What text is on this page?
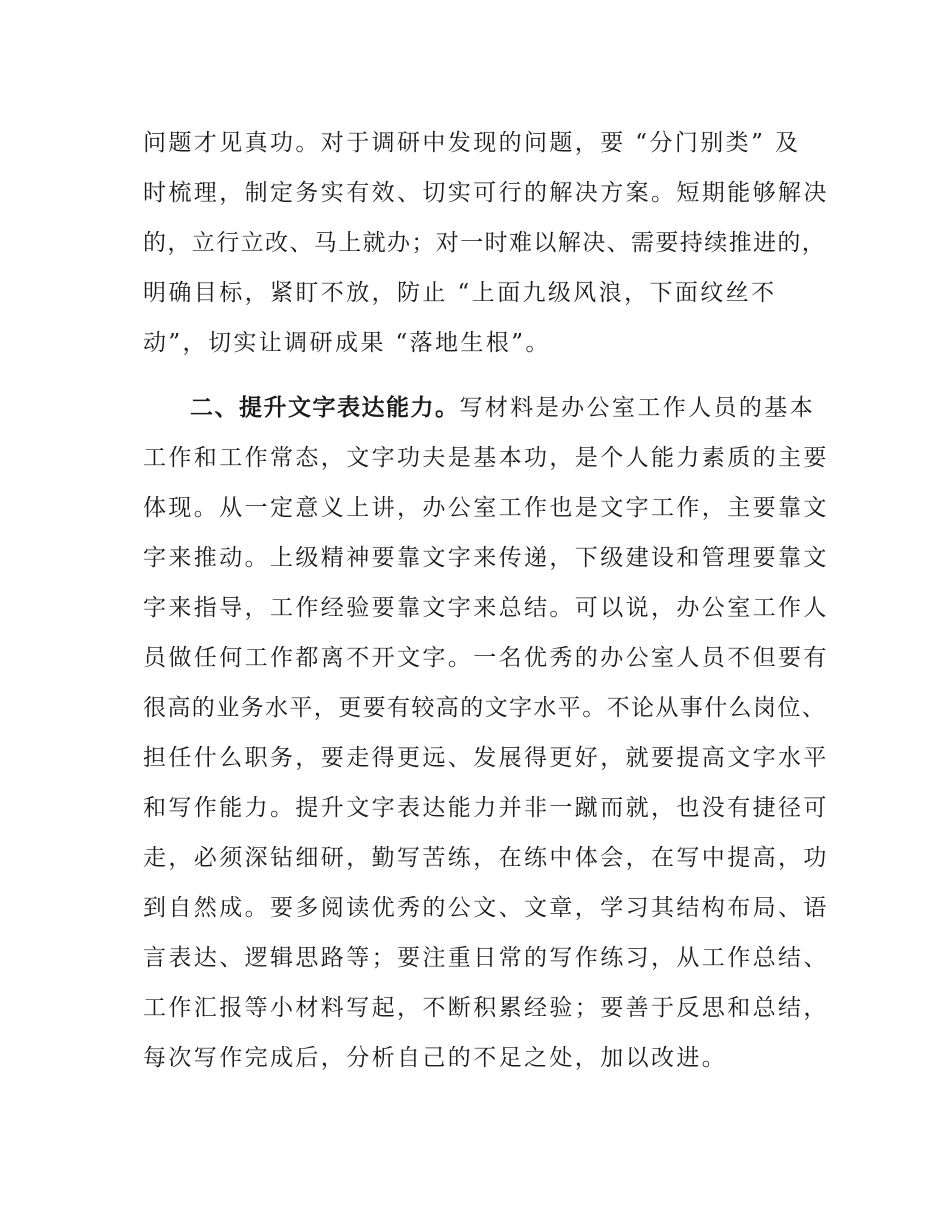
问题才见真功。对于调研中发现的问题，要 “分门别类” 及
时梳理，制定务实有效、切实可行的解决方案。短期能够解决
的，立行立改、马上就办；对一时难以解决、需要持续推进的，
明确目标，紧盯不放，防止 “上面九级风浪，下面纹丝不
动”，切实让调研成果 “落地生根”。
二、提升文字表达能力。写材料是办公室工作人员的基本
工作和工作常态，文字功夫是基本功，是个人能力素质的主要
体现。从一定意义上讲，办公室工作也是文字工作，主要靠文
字来推动。上级精神要靠文字来传递，下级建设和管理要靠文
字来指导，工作经验要靠文字来总结。可以说，办公室工作人
员做任何工作都离不开文字。一名优秀的办公室人员不但要有
很高的业务水平，更要有较高的文字水平。不论从事什么岗位、
担任什么职务，要走得更远、发展得更好，就要提高文字水平
和写作能力。提升文字表达能力并非一蹴而就，也没有捷径可
走，必须深钻细研，勤写苦练，在练中体会，在写中提高，功
到自然成。要多阅读优秀的公文、文章，学习其结构布局、语
言表达、逻辑思路等；要注重日常的写作练习，从工作总结、
工作汇报等小材料写起，不断积累经验；要善于反思和总结，
每次写作完成后，分析自己的不足之处，加以改进。
